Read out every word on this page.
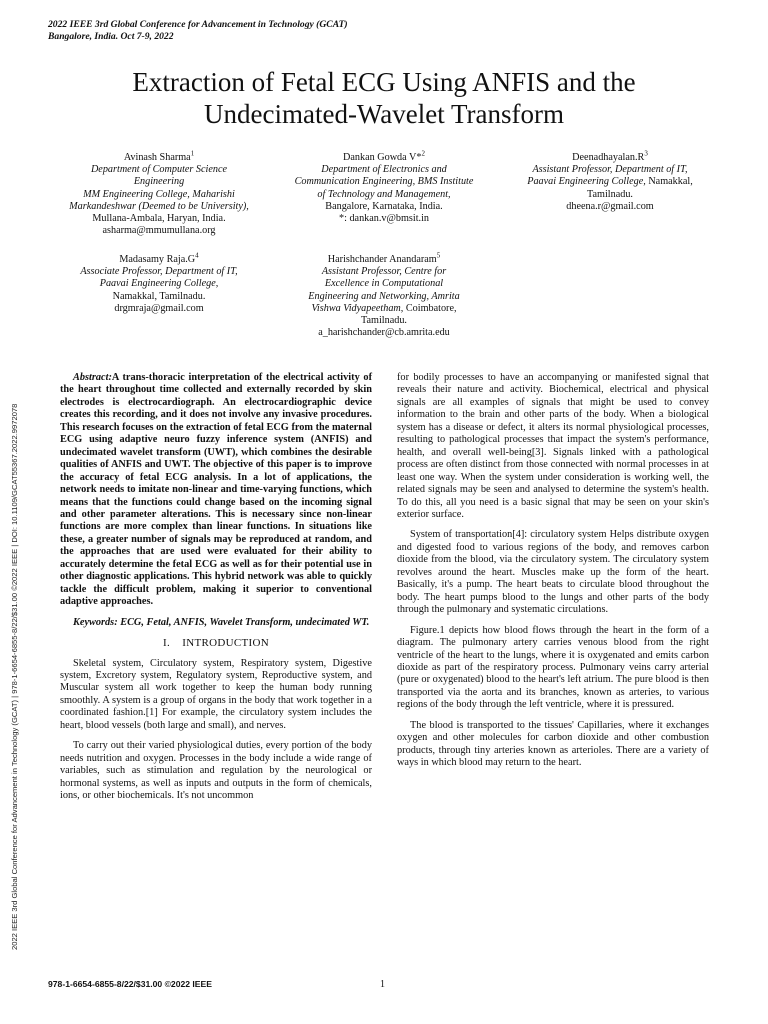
2022 IEEE 3rd Global Conference for Advancement in Technology (GCAT)
Bangalore, India. Oct 7-9, 2022
Extraction of Fetal ECG Using ANFIS and the
Undecimated-Wavelet Transform
Avinash Sharma$^1$
Department of Computer Science
Engineering
MM Engineering College, Maharishi
Markandeshwar (Deemed to be University),
Mullana-Ambala, Haryan, India.
asharma@mmumullana.org
Dankan Gowda V*$^2$
Department of Electronics and
Communication Engineering, BMS Institute
of Technology and Management,
Bangalore, Karnataka, India.
*: dankan.v@bmsit.in
$Deenadhayalan.R^3$
Assistant Professor, Department of IT,
Paavai Engineering College, Namakkal,
Tamilnadu.
dheena.r@gmail.com
Madasamy $Raja.G^4$
Associate Professor, Department of IT,
Paavai Engineering College,
Namakkal, Tamilnadu.
drgmraja@gmail.com
Harishchander Anandaram$^5$
Assistant Professor, Centre for
Excellence in Computational
Engineering and Networking, Amrita
Vishwa Vidyapeetham, Coimbatore,
Tamilnadu.
a_harishchander@cb.amrita.edu

Abstract:A trans-thoracic interpretation of the electrical activity of the heart throughout time collected and externally recorded by skin electrodes is electrocardiograph. An electrocardiographic device creates this recording, and it does not involve any invasive procedures. This research focuses on the extraction of fetal ECG from the maternal ECG using adaptive neuro fuzzy inference system (ANFIS) and undecimated wavelet transform (UWT), which combines the desirable qualities of ANFIS and UWT. The objective of this paper is to improve the accuracy of fetal ECG analysis. In a lot of applications, the network needs to imitate non-linear and time-varying functions, which means that the functions could change based on the incoming signal and other parameter alterations. This is necessary since non-linear functions are more complex than linear functions. In situations like these, a greater number of signals may be reproduced at random, and the approaches that are used were evaluated for their ability to accurately determine the fetal ECG as well as for their potential use in other diagnostic applications. This hybrid network was able to quickly tackle the difficult problem, making it superior to conventional adaptive approaches.

Keywords: ECG, Fetal, ANFIS, Wavelet Transform, undecimated WT.

I. INTRODUCTION

Skeletal system, Circulatory system, Respiratory system, Digestive system, Excretory system, Regulatory system, Reproductive system, and Muscular system all work together to keep the human body running smoothly. A system is a group of organs in the body that work together in a coordinated fashion.[1] For example, the circulatory system includes the heart, blood vessels (both large and small), and nerves.

To carry out their varied physiological duties, every portion of the body needs nutrition and oxygen. Processes in the body include a wide range of variables, such as stimulation and regulation by the neurological or hormonal systems, as well as inputs and outputs in the form of chemicals, ions, or other biochemicals. It's not uncommon

for bodily processes to have an accompanying or manifested signal that reveals their nature and activity. Biochemical, electrical and physical signals are all examples of signals that might be used to convey information to the brain and other parts of the body. When a biological system has a disease or defect, it alters its normal physiological processes, resulting to pathological processes that impact the system's performance, health, and overall well-being[3]. Signals linked with a pathological process are often distinct from those connected with normal processes in at least one way. When the system under consideration is working well, the related signals may be seen and analysed to determine the system's health. To do this, all you need is a basic signal that may be seen on your skin's exterior surface.

System of transportation[4]: circulatory system Helps distribute oxygen and digested food to various regions of the body, and removes carbon dioxide from the blood, via the circulatory system. The circulatory system revolves around the heart. Muscles make up the form of the heart. Basically, it's a pump. The heart beats to circulate blood throughout the body. The heart pumps blood to the lungs and other parts of the body through the pulmonary and systematic circulations.

Figure.1 depicts how blood flows through the heart in the form of a diagram. The pulmonary artery carries venous blood from the right ventricle of the heart to the lungs, where it is oxygenated and emits carbon dioxide as part of the respiratory process. Pulmonary veins carry arterial (pure or oxygenated) blood to the heart's left atrium. The pure blood is then transported via the aorta and its branches, known as arteries, to various regions of the body through the left ventricle, where it is pressured.

The blood is transported to the tissues' Capillaries, where it exchanges oxygen and other molecules for carbon dioxide and other combustion products, through tiny arteries known as arterioles. There are a variety of ways in which blood may return to the heart.

2022 IEEE 3rd Global Conference for Advancement in Technology (GCAT) | 978-1-6654-6855-8/22/$31.00 ©2022 IEEE | DOI: 10.1109/GCAT55367.2022.9972078
978-1-6654-6855-8/22/$31.00 ©2022 IEEE	1
